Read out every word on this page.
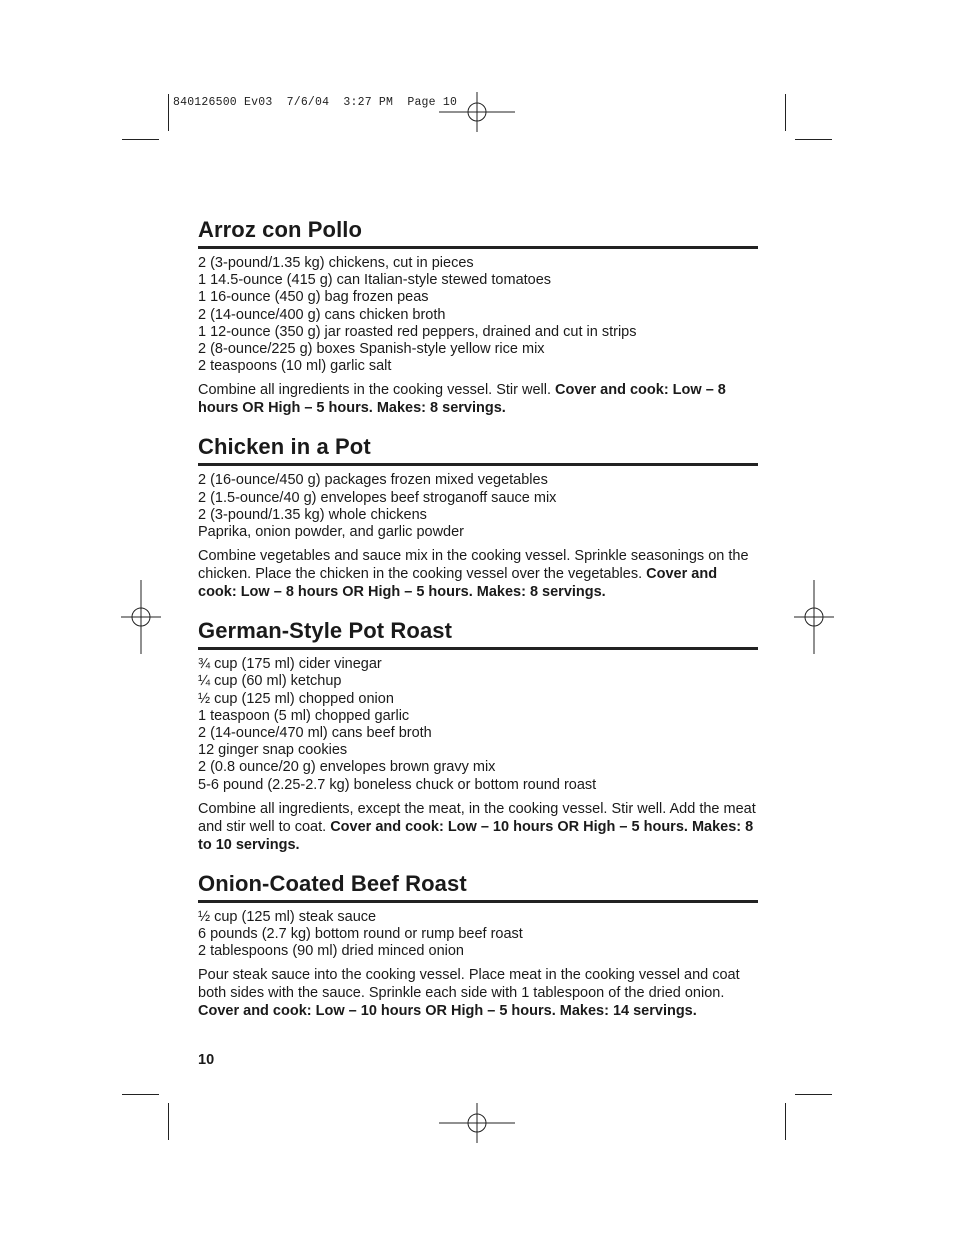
840126500 Ev03  7/6/04  3:27 PM  Page 10
Arroz con Pollo
2 (3-pound/1.35 kg) chickens, cut in pieces
1 14.5-ounce (415 g) can Italian-style stewed tomatoes
1 16-ounce (450 g) bag frozen peas
2 (14-ounce/400 g) cans chicken broth
1 12-ounce (350 g) jar roasted red peppers, drained and cut in strips
2 (8-ounce/225 g) boxes Spanish-style yellow rice mix
2 teaspoons (10 ml) garlic salt

Combine all ingredients in the cooking vessel. Stir well. Cover and cook: Low – 8 hours OR High – 5 hours. Makes: 8 servings.

Chicken in a Pot
2 (16-ounce/450 g) packages frozen mixed vegetables
2 (1.5-ounce/40 g) envelopes beef stroganoff sauce mix
2 (3-pound/1.35 kg) whole chickens
Paprika, onion powder, and garlic powder

Combine vegetables and sauce mix in the cooking vessel. Sprinkle seasonings on the chicken. Place the chicken in the cooking vessel over the vegetables. Cover and cook: Low – 8 hours OR High – 5 hours. Makes: 8 servings.

German-Style Pot Roast
¾ cup (175 ml) cider vinegar
¼ cup (60 ml) ketchup
½ cup (125 ml) chopped onion
1 teaspoon (5 ml) chopped garlic
2 (14-ounce/470 ml) cans beef broth
12 ginger snap cookies
2 (0.8 ounce/20 g) envelopes brown gravy mix
5-6 pound (2.25-2.7 kg) boneless chuck or bottom round roast

Combine all ingredients, except the meat, in the cooking vessel. Stir well. Add the meat and stir well to coat. Cover and cook: Low – 10 hours OR High – 5 hours. Makes: 8 to 10 servings.

Onion-Coated Beef Roast
½ cup (125 ml) steak sauce
6 pounds (2.7 kg) bottom round or rump beef roast
2 tablespoons (90 ml) dried minced onion

Pour steak sauce into the cooking vessel. Place meat in the cooking vessel and coat both sides with the sauce. Sprinkle each side with 1 tablespoon of the dried onion. Cover and cook: Low – 10 hours OR High – 5 hours. Makes: 14 servings.

10
